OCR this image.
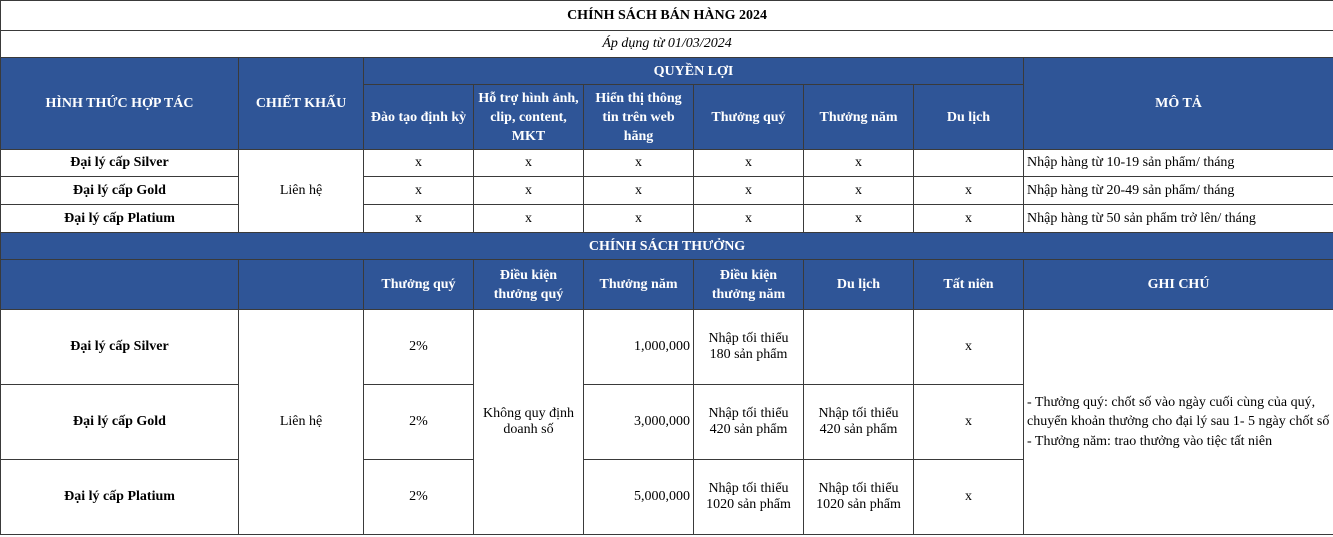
CHÍNH SÁCH BÁN HÀNG 2024								
Áp dụng từ 01/03/2024								
HÌNH THỨC HỢP TÁC	CHIẾT KHẤU	QUYỀN LỢI						MÔ TẢ
		Đào tạo định kỳ	Hỗ trợ hình ảnh, clip, content, MKT	Hiển thị thông tin trên web hãng	Thưởng quý	Thưởng năm	Du lịch	
Đại lý cấp Silver	Liên hệ	x	x	x	x	x		Nhập hàng từ 10-19 sản phẩm/ tháng
Đại lý cấp Gold		x	x	x	x	x	x	Nhập hàng từ 20-49 sản phẩm/ tháng
Đại lý cấp Platium		x	x	x	x	x	x	Nhập hàng từ 50 sản phẩm trở lên/ tháng
CHÍNH SÁCH THƯỞNG								
		Thưởng quý	Điều kiện thưởng quý	Thưởng năm	Điều kiện thưởng năm	Du lịch	Tất niên	GHI CHÚ
Đại lý cấp Silver	Liên hệ	2%	Không quy định doanh số	1,000,000	Nhập tối thiểu 180 sản phẩm		x	- Thưởng quý: chốt số vào ngày cuối cùng của quý, chuyển khoản thưởng cho đại lý sau 1- 5 ngày chốt số
- Thưởng năm: trao thưởng vào tiệc tất niên

Đại lý cấp Gold		2%		3,000,000	Nhập tối thiểu 420 sản phẩm	Nhập tối thiểu 420 sản phẩm	x	
Đại lý cấp Platium		2%		5,000,000	Nhập tối thiểu 1020 sản phẩm	Nhập tối thiểu 1020 sản phẩm	x	
